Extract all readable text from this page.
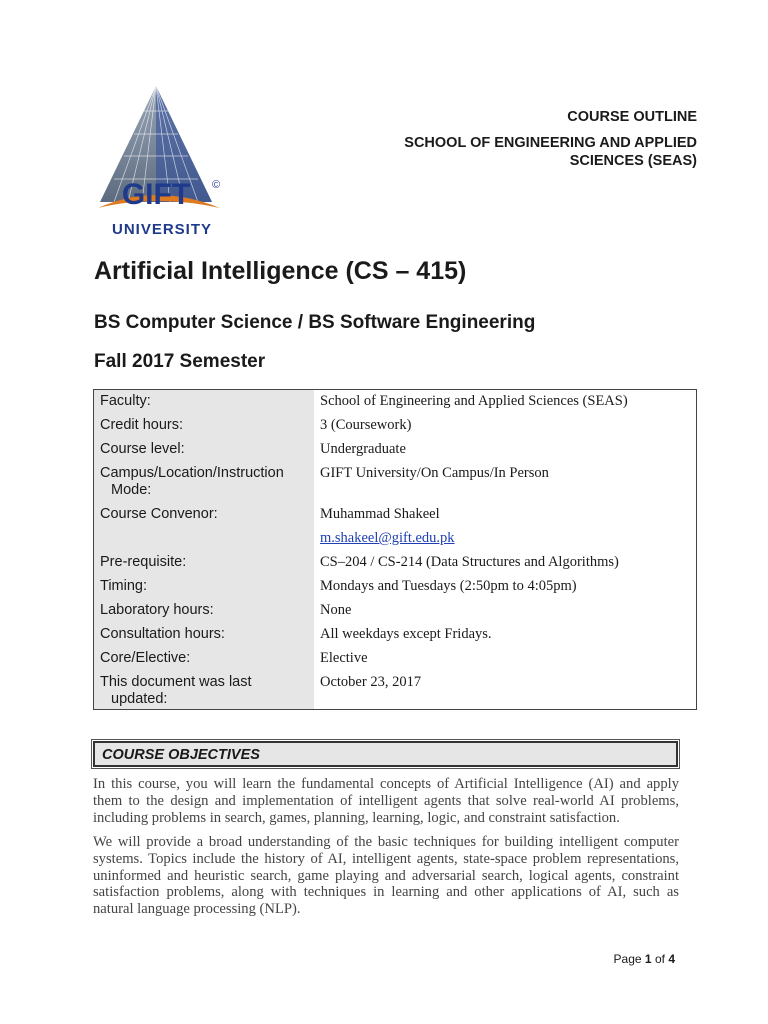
GIFT ©
UNIVERSITY
COURSE OUTLINE
SCHOOL OF ENGINEERING AND APPLIED
SCIENCES (SEAS)
Artificial Intelligence (CS – 415)
BS Computer Science / BS Software Engineering
Fall 2017 Semester
Faculty:
Credit hours:
Course level:
Campus/Location/Instruction
Mode:
Course Convenor:
Pre-requisite:
Timing:
Laboratory hours:
Consultation hours:
Core/Elective:
This document was last
updated:
School of Engineering and Applied Sciences (SEAS)
3 (Coursework)
Undergraduate
GIFT University/On Campus/In Person
Muhammad Shakeel
m.shakeel@gift.edu.pk
CS–204 / CS-214 (Data Structures and Algorithms)
Mondays and Tuesdays (2:50pm to 4:05pm)
None
All weekdays except Fridays.
Elective
October 23, 2017
COURSE OBJECTIVES

In this course, you will learn the fundamental concepts of Artificial Intelligence (AI) and apply them to the design and implementation of intelligent agents that solve real-world AI problems, including problems in search, games, planning, learning, logic, and constraint satisfaction.

We will provide a broad understanding of the basic techniques for building intelligent computer systems. Topics include the history of AI, intelligent agents, state-space problem representations, uninformed and heuristic search, game playing and adversarial search, logical agents, constraint satisfaction problems, along with techniques in learning and other applications of AI, such as natural language processing (NLP).

Page 1 of 4
